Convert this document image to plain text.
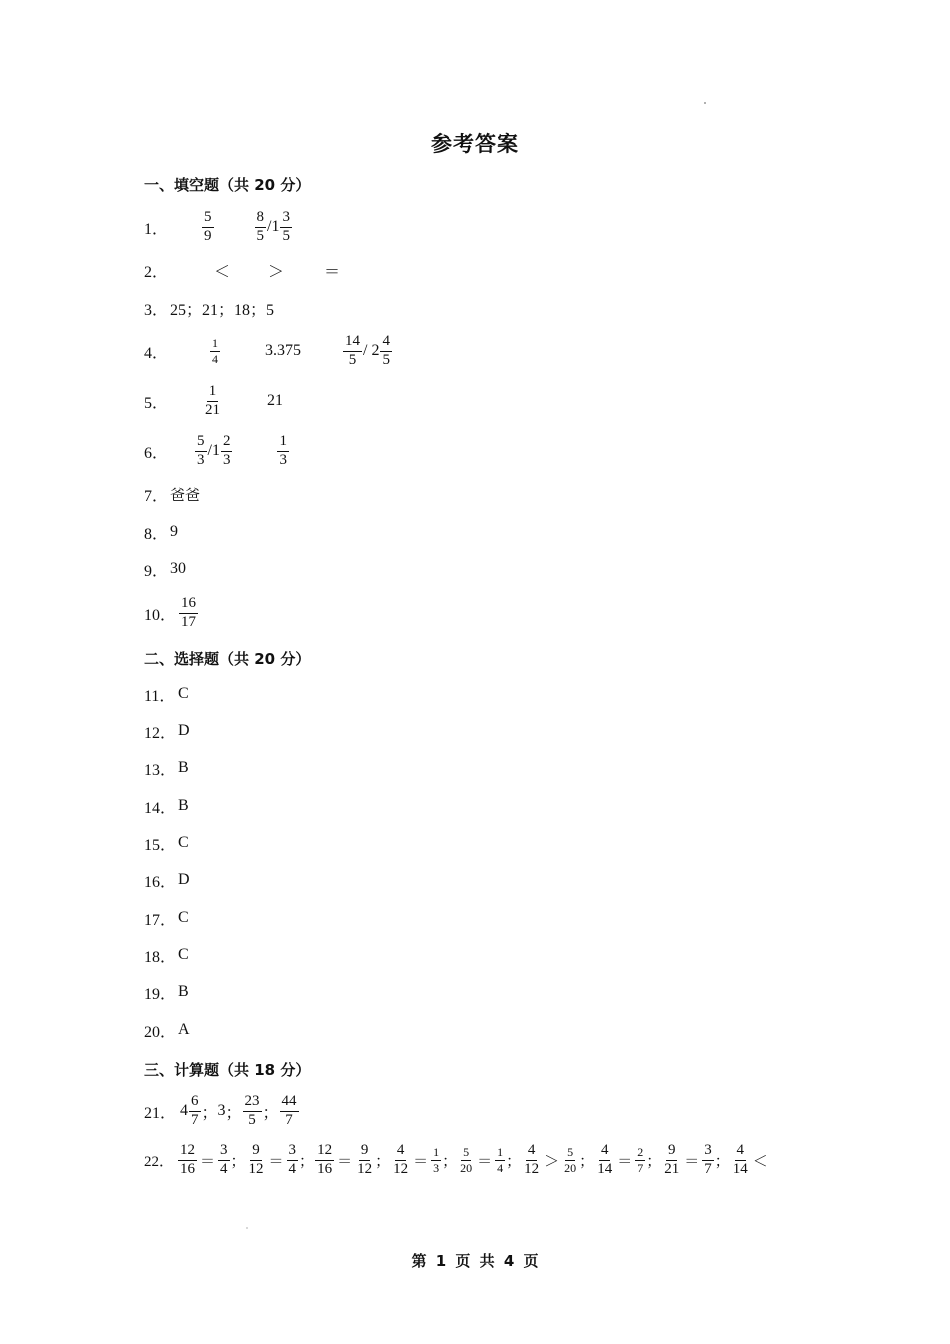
参考答案
一、填空题（共 20 分）
1． $\frac{5}{9}$	$\frac{8}{5} /1 \frac{3}{5}$
2．	＜ ＞	＝
3． 25；21；18；5
4．	$\frac{1}{4}$	3.375	$\frac{14}{5} / 2 \frac{4}{5}$
5． $\frac{1}{21}$	21
6． $\frac{5}{3} /1 \frac{2}{3}$	$\frac{1}{3}$
7． 爸爸
8． 9
9． 30
10． $\frac{16}{17}$
二、选择题（共 20 分）
11． C
12． D
13． B
14． B
15． C
16． D
17． C
18． C
19． B
20． A
三、计算题（共 18 分）
21． $4 \frac{6}{7}$ ； 3 ； $\frac{23}{5}$ ； $\frac{44}{7}$
22． $\frac{12}{16} = \frac{3}{4}$ ； $\frac{9}{12} = \frac{3}{4}$ ； $\frac{12}{16} = \frac{9}{12}$ ； $\frac{4}{12} = \frac{1}{3}$ ； $\frac{5}{20} = \frac{1}{4}$ ； $\frac{4}{12} > \frac{5}{20}$ ； $\frac{4}{14} = \frac{2}{7}$ ； $\frac{9}{21} = \frac{3}{7}$ ； $\frac{4}{14}$ ＜
第 1 页 共 4 页
